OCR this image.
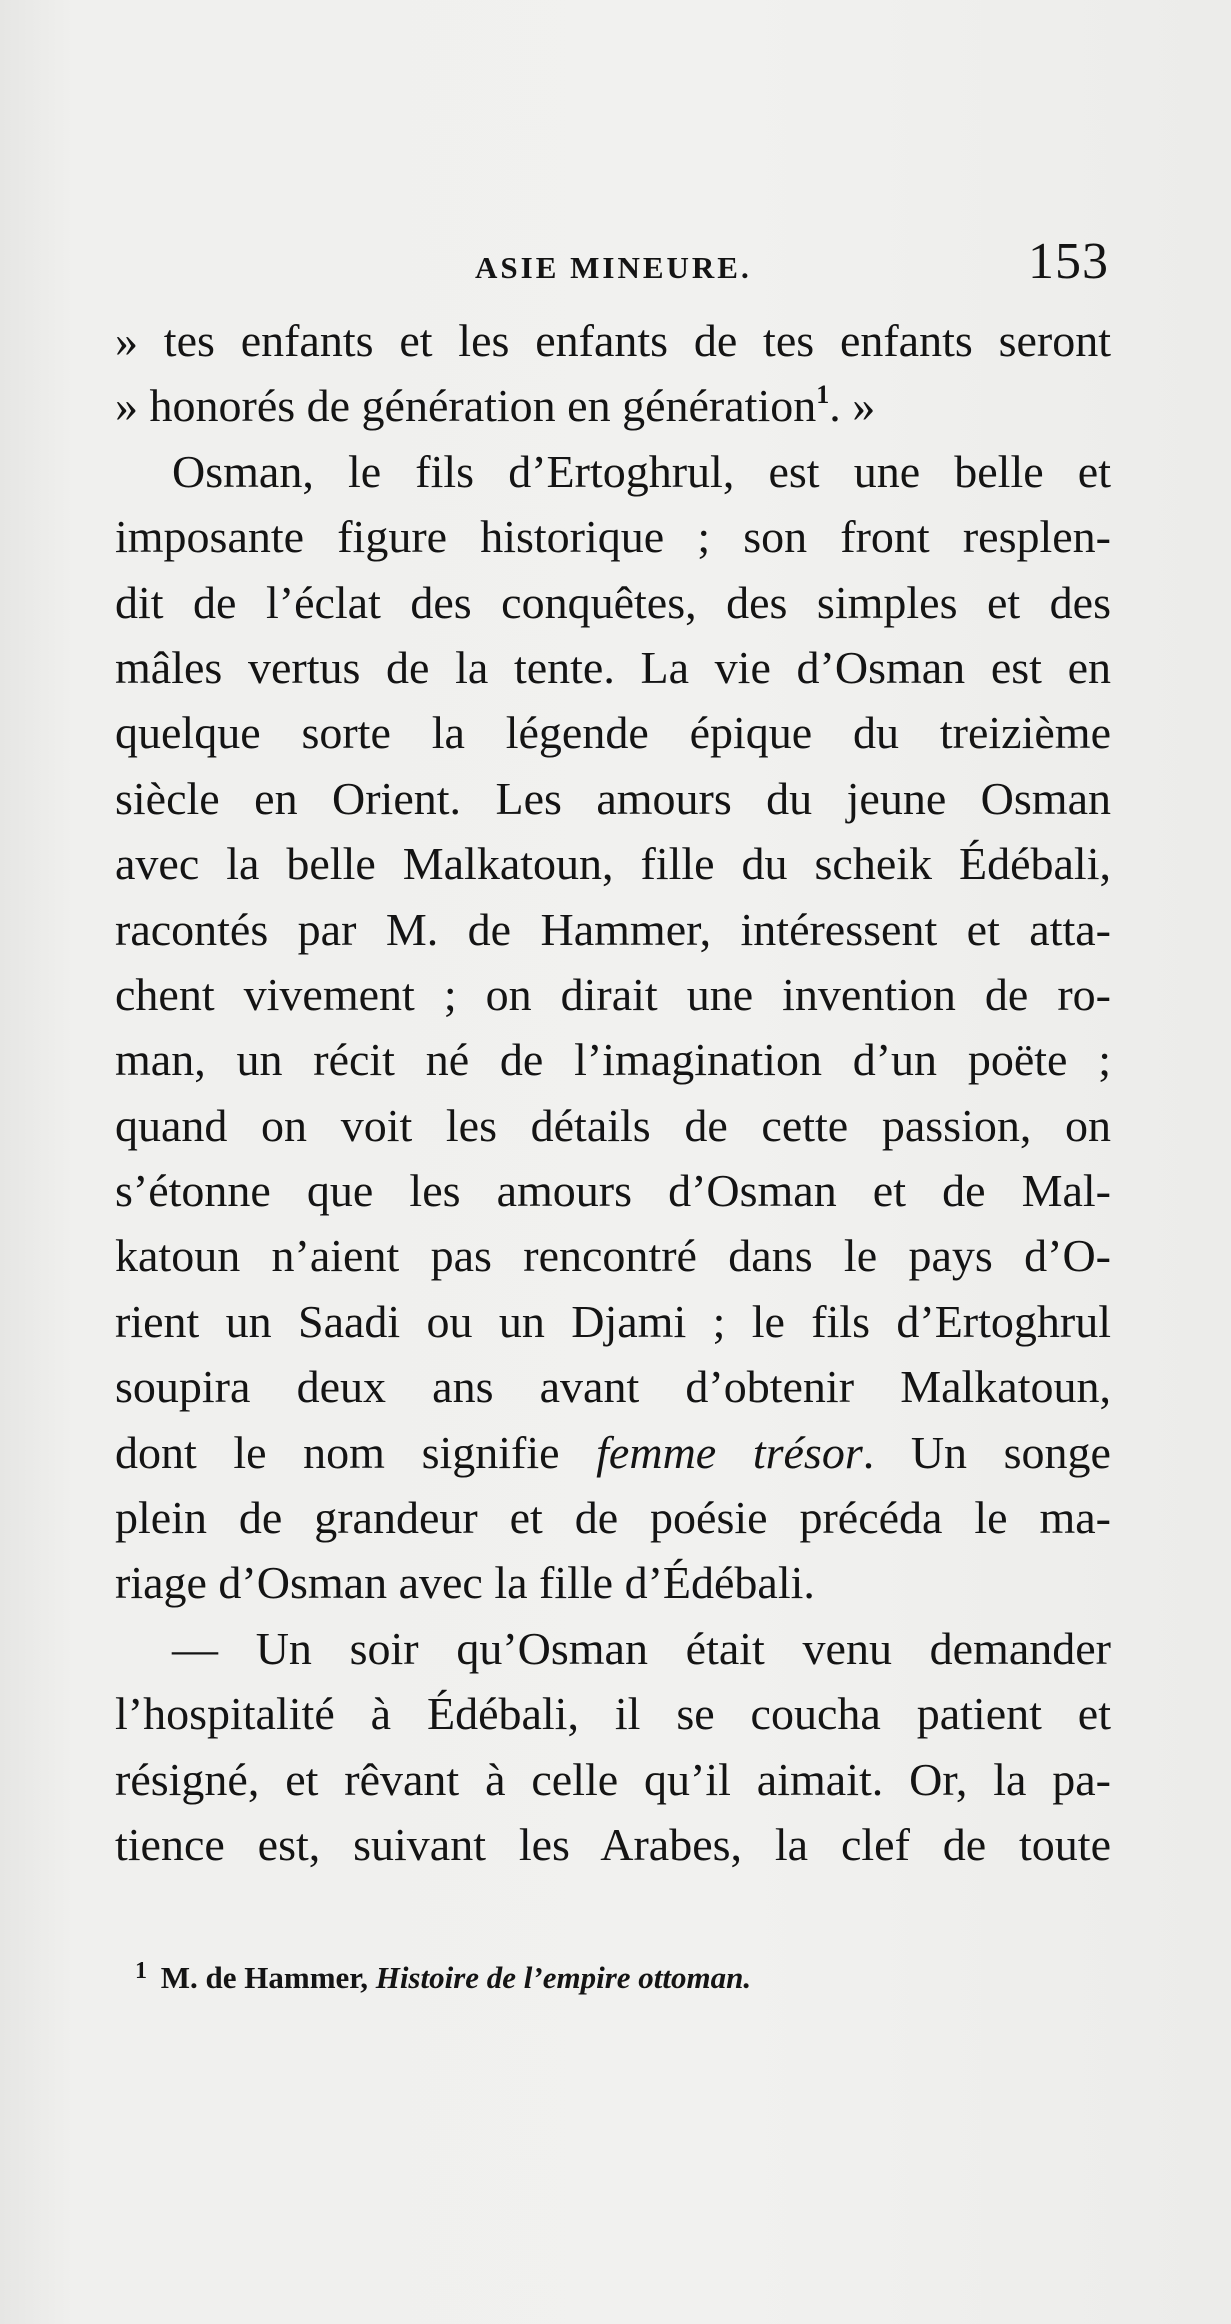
ASIE MINEURE.	153
» tes enfants et les enfants de tes enfants seront
» honorés de génération en génération$^1$. »
Osman, le fils d’Ertoghrul, est une belle et
imposante figure historique ; son front resplen-
dit de l’éclat des conquêtes, des simples et des
mâles vertus de la tente. La vie d’Osman est en
quelque sorte la légende épique du treizième
siècle en Orient. Les amours du jeune Osman
avec la belle Malkatoun, fille du scheik Édébali,
racontés par M. de Hammer, intéressent et atta-
chent vivement ; on dirait une invention de ro-
man, un récit né de l’imagination d’un poëte ;
quand on voit les détails de cette passion, on
s’étonne que les amours d’Osman et de Mal-
katoun n’aient pas rencontré dans le pays d’O-
rient un Saadi ou un Djami ; le fils d’Ertoghrul
soupira deux ans avant d’obtenir Malkatoun,
dont le nom signifie femme trésor. Un songe
plein de grandeur et de poésie précéda le ma-
riage d’Osman avec la fille d’Édébali.
— Un soir qu’Osman était venu demander
l’hospitalité à Édébali, il se coucha patient et
résigné, et rêvant à celle qu’il aimait. Or, la pa-
tience est, suivant les Arabes, la clef de toute
$^1$ M. de Hammer, Histoire de l’empire ottoman.
